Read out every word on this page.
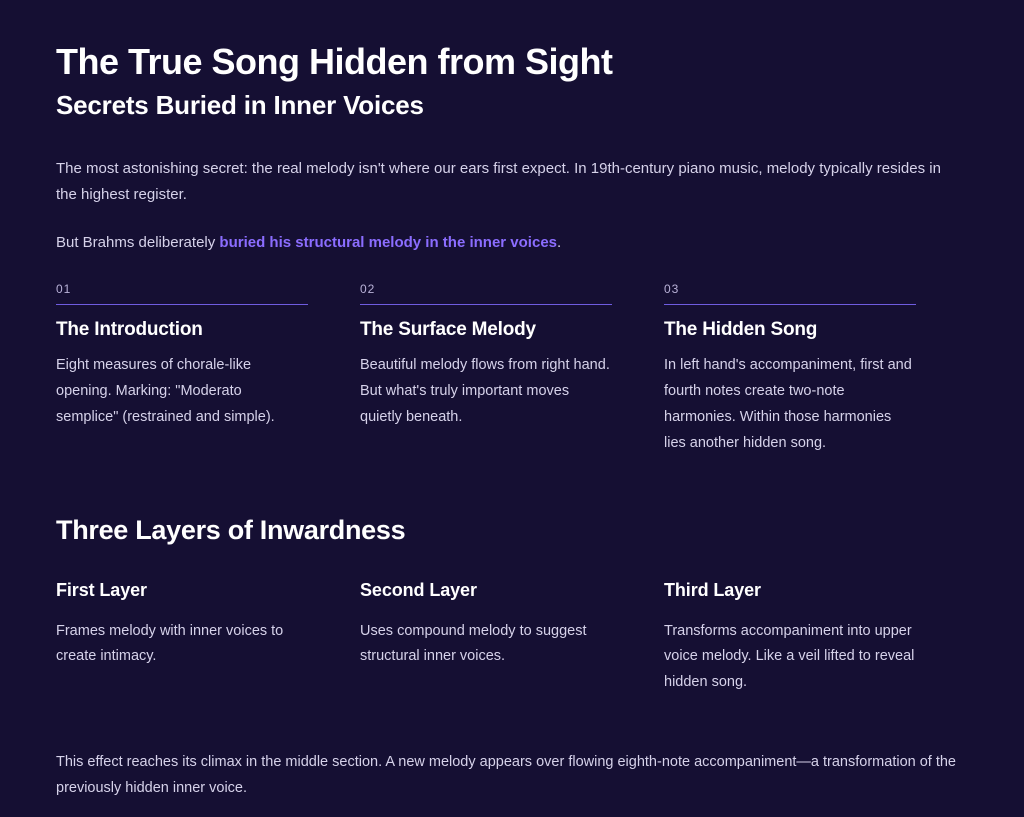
The True Song Hidden from Sight
Secrets Buried in Inner Voices

The most astonishing secret: the real melody isn't where our ears first expect. In 19th-century piano music, melody typically resides in the highest register.

But Brahms deliberately buried his structural melody in the inner voices.

01
The Introduction

Eight measures of chorale-like opening. Marking: "Moderato semplice" (restrained and simple).

02
The Surface Melody

Beautiful melody flows from right hand. But what's truly important moves quietly beneath.

03
The Hidden Song

In left hand's accompaniment, first and fourth notes create two-note harmonies. Within those harmonies lies another hidden song.

Three Layers of Inwardness
First Layer

Frames melody with inner voices to create intimacy.

Second Layer

Uses compound melody to suggest structural inner voices.

Third Layer

Transforms accompaniment into upper voice melody. Like a veil lifted to reveal hidden song.

This effect reaches its climax in the middle section. A new melody appears over flowing eighth-note accompaniment—a transformation of the previously hidden inner voice.
